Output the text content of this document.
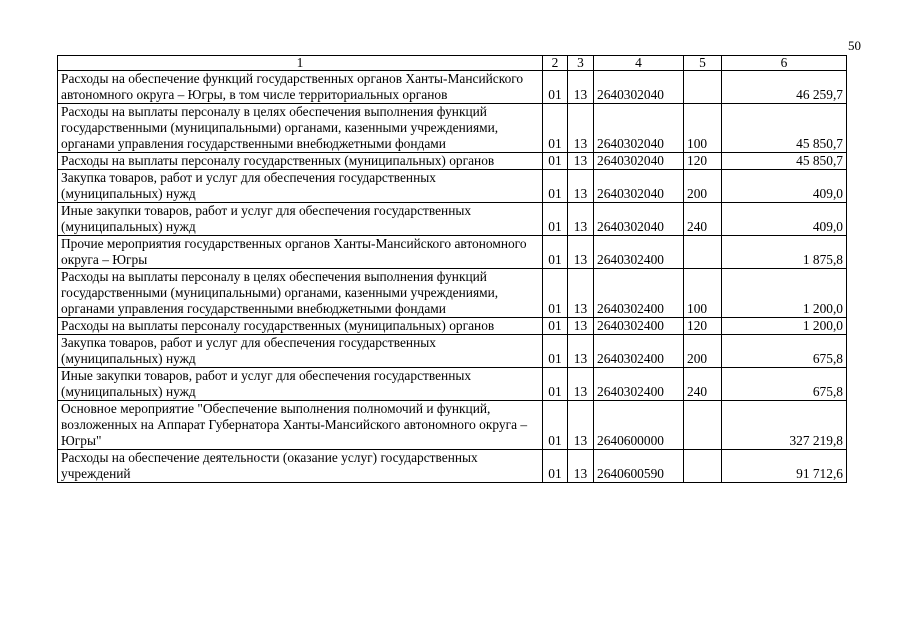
50
1	2	3	4	5	6
Расходы на обеспечение функций государственных органов Ханты-Мансийского автономного округа – Югры, в том числе территориальных органов	01	13	2640302040		46 259,7
Расходы на выплаты персоналу в целях обеспечения выполнения функций государственными (муниципальными) органами, казенными учреждениями, органами управления государственными внебюджетными фондами	01	13	2640302040	100	45 850,7
Расходы на выплаты персоналу государственных (муниципальных) органов	01	13	2640302040	120	45 850,7
Закупка товаров, работ и услуг для обеспечения государственных (муниципальных) нужд	01	13	2640302040	200	409,0
Иные закупки товаров, работ и услуг для обеспечения государственных (муниципальных) нужд	01	13	2640302040	240	409,0
Прочие мероприятия государственных органов Ханты-Мансийского автономного округа – Югры	01	13	2640302400		1 875,8
Расходы на выплаты персоналу в целях обеспечения выполнения функций государственными (муниципальными) органами, казенными учреждениями, органами управления государственными внебюджетными фондами	01	13	2640302400	100	1 200,0
Расходы на выплаты персоналу государственных (муниципальных) органов	01	13	2640302400	120	1 200,0
Закупка товаров, работ и услуг для обеспечения государственных (муниципальных) нужд	01	13	2640302400	200	675,8
Иные закупки товаров, работ и услуг для обеспечения государственных (муниципальных) нужд	01	13	2640302400	240	675,8
Основное мероприятие "Обеспечение выполнения полномочий и функций, возложенных на Аппарат Губернатора Ханты-Мансийского автономного округа – Югры"	01	13	2640600000		327 219,8
Расходы на обеспечение деятельности (оказание услуг) государственных учреждений	01	13	2640600590		91 712,6
